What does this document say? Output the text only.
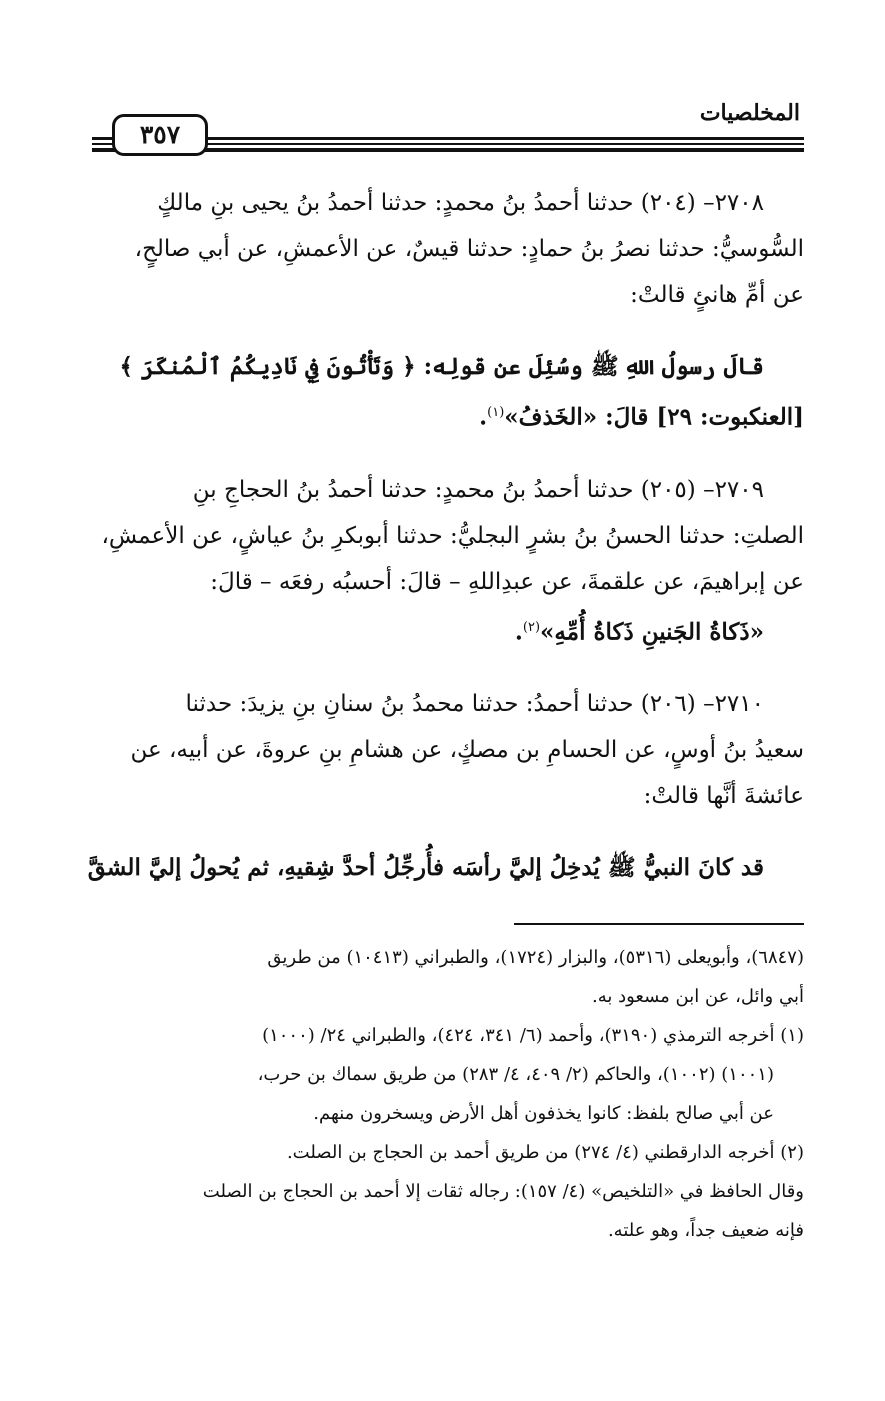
المخلصيات
٣٥٧
٢٧٠٨– (٢٠٤) حدثنا أحمدُ بنُ محمدٍ: حدثنا أحمدُ بنُ يحيى بنِ مالكٍ
السُّوسيُّ: حدثنا نصرُ بنُ حمادٍ: حدثنا قيسٌ، عن الأعمشِ، عن أبي صالحٍ،
عن أمِّ هانئٍ قالتْ:
قالَ رسولُ اللهِ ﷺ وسُئِلَ عن قولِه: ﴿ وَتَأْتُونَ فِي نَادِيكُمُ ٱلْمُنكَرَ ﴾
[العنكبوت: ٢٩] قالَ: «الخَذفُ»$^{(١)}$.
٢٧٠٩– (٢٠٥) حدثنا أحمدُ بنُ محمدٍ: حدثنا أحمدُ بنُ الحجاجِ بنِ
الصلتِ: حدثنا الحسنُ بنُ بشرٍ البجليُّ: حدثنا أبوبكرِ بنُ عياشٍ، عن الأعمشِ،
عن إبراهيمَ، عن علقمةَ، عن عبدِاللهِ – قالَ: أحسبُه رفعَه – قالَ:
«ذَكاةُ الجَنينِ ذَكاةُ أُمِّهِ»$^{(٢)}$.
٢٧١٠– (٢٠٦) حدثنا أحمدُ: حدثنا محمدُ بنُ سنانِ بنِ يزيدَ: حدثنا
سعيدُ بنُ أوسٍ، عن الحسامِ بن مصكٍ، عن هشامِ بنِ عروةَ، عن أبيه، عن
عائشةَ أنَّها قالتْ:
قد كانَ النبيُّ ﷺ يُدخِلُ إليَّ رأسَه فأُرجِّلُ أحدَّ شِقيهِ، ثم يُحولُ إليَّ الشقَّ
(٦٨٤٧)، وأبويعلى (٥٣١٦)، والبزار (١٧٢٤)، والطبراني (١٠٤١٣) من طريق
أبي وائل، عن ابن مسعود به.
(١) أخرجه الترمذي (٣١٩٠)، وأحمد (٦/ ٣٤١، ٤٢٤)، والطبراني ٢٤/ (١٠٠٠)
(١٠٠١) (١٠٠٢)، والحاكم (٢/ ٤٠٩، ٤/ ٢٨٣) من طريق سماك بن حرب،
عن أبي صالح بلفظ: كانوا يخذفون أهل الأرض ويسخرون منهم.
(٢) أخرجه الدارقطني (٤/ ٢٧٤) من طريق أحمد بن الحجاج بن الصلت.
وقال الحافظ في «التلخيص» (٤/ ١٥٧): رجاله ثقات إلا أحمد بن الحجاج بن الصلت
فإنه ضعيف جداً، وهو علته.
